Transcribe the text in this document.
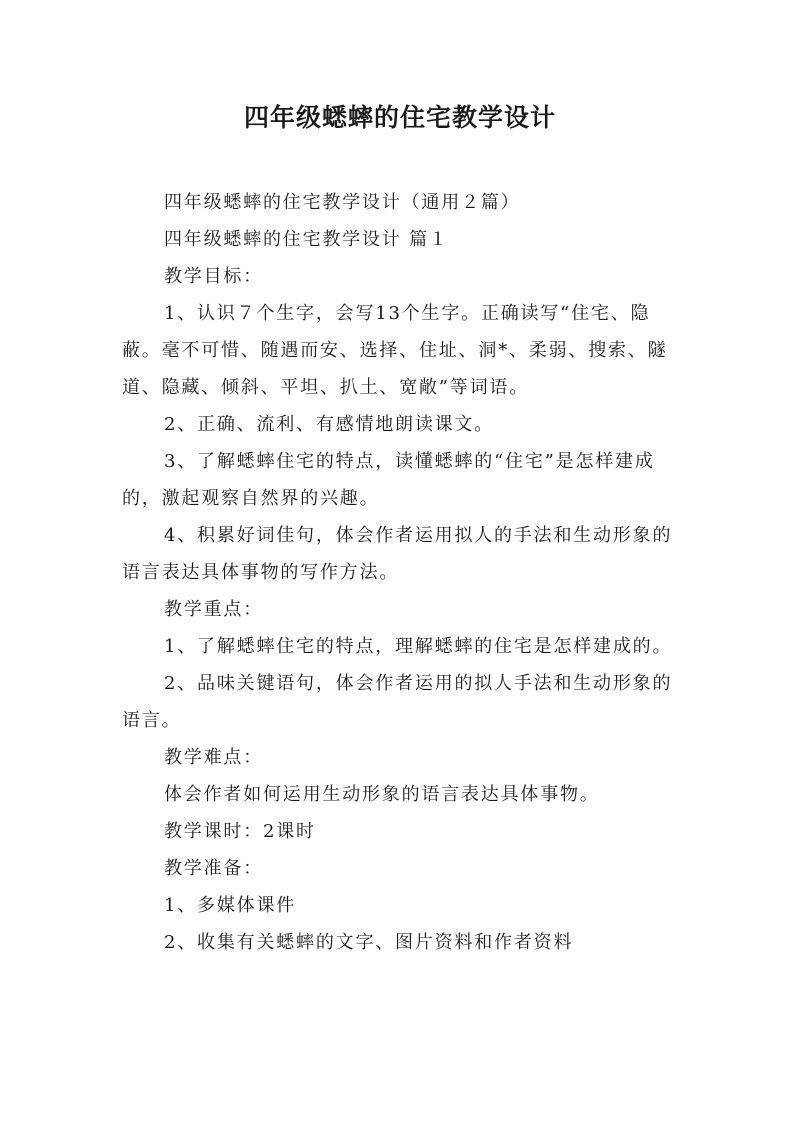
四年级蟋蟀的住宅教学设计

四年级蟋蟀的住宅教学设计（通用２篇）

四年级蟋蟀的住宅教学设计 篇１

教学目标：

1、认识７个生字，会写13个生字。正确读写“住宅、隐蔽。毫不可惜、随遇而安、选择、住址、洞*、柔弱、搜索、隧道、隐藏、倾斜、平坦、扒土、宽敞”等词语。

2、正确、流利、有感情地朗读课文。

3、了解蟋蟀住宅的特点，读懂蟋蟀的“住宅”是怎样建成的，激起观察自然界的兴趣。

4、积累好词佳句，体会作者运用拟人的手法和生动形象的语言表达具体事物的写作方法。

教学重点：

1、了解蟋蟀住宅的特点，理解蟋蟀的住宅是怎样建成的。

2、品味关键语句，体会作者运用的拟人手法和生动形象的语言。

教学难点：

体会作者如何运用生动形象的语言表达具体事物。

教学课时：2课时

教学准备：

1、多媒体课件

2、收集有关蟋蟀的文字、图片资料和作者资料
